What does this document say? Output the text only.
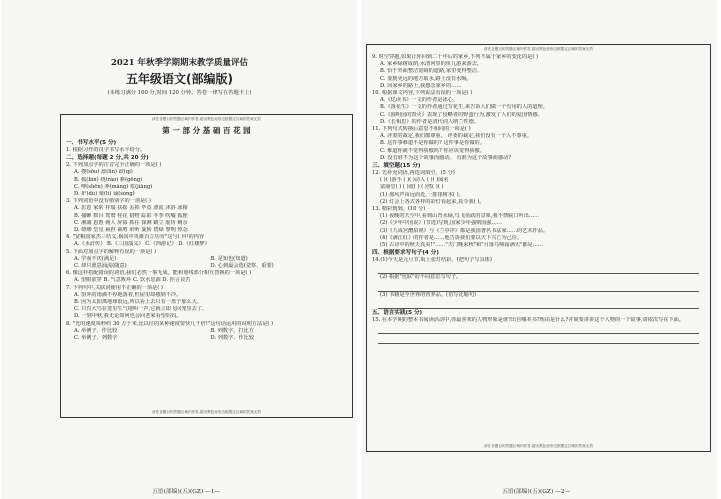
2021 年秋季学期期末教学质量评估
五年级语文(部编版)
(本练习满分 100 分,时间 120 分钟。答卷一律写在答题卡上)
请在各题目的答题区域内作答,超出黑色矩形边框限定区域的答案无效
第 一 部 分 基 础 百 花 园
一、书写水平(5 分)
1. 根据习作的汉字书写水平给分。
二、选择题(每题 2 分,共 20 分)
2. 下列加点字的注音完全正确的一项是( )
A. 搜(sōu) 凛(lǐn) 歧(qí)
B. 鬓(bìn) 绕(rào) 耕(gēng)
C. 呻(shēn) 莽(mǎng) 浆(jiāng)
D. 妒(dù) 栗(lì) 诵(sòng)
3. 下列词语中没有错别字的一项是( )
A. 思恩 家常 祥瑞 扶摇 丢掉 毕竟 漂流 沐浴 冰箱
B. 捕蝉 数目 鸳鸯 桂花 猎物 踪影 冬季 吹嘘 狐狸
C. 淋漓 恩惠 佣人 屏幕 抓住 探测 鹤立 虚伪 剩余
D. 缥缈 堂皇 扁担 裁剪 聆听 旋转 碧绿 黎明 悼念
4. "宽粮国家杰三结义,祸国中英雄百立功劳"这与( )中的内容
A.《水浒传》 B.《三国演义》 C.《西游记》 D.《红楼梦》
5. 下面对加点字的解释有误的一项是( )
A. 学而不厌(满足)	B. 是知也(知道)
C. 却只愿意涌流(随意)	D. 心到最会选(觉察、重要)
6. 像这样搭配错误的词语,我们必然一事无成。能和划线部分相互替换的一项是( )
A. 望眼欲穿 B. 气急败坏 C. 饮水思源 D. 拒言良苦
7. 下列句中,关联词使用不正确的一项是( )
A. 窗外的雨滴不停地落着,但屋里却感到不冷。
B. 因为太阳离地球很远,所以看上去只有一盘子那么大。
C. 只有大鸟在笼里生气地叫一声,它就立即飞回笼里去了。
D. 一到中秋,我无论如何也会回老家看望妈妈。
8. "光的速度每秒约 30 万千米,比以往的某种速度要快几千倍!"这句话运用的说明方法是( )
A. 举例子、作比较	B. 列数字、打比方
C. 举例子、列数字	D. 列数字、作比较
请在各题目的答题区域内作答,超出黑色矩形边框限定区域的答案无效
五语(部编)(五)(GZ) —1—
请在各题目的答题区域内作答,超出黑色矩形边框限定区域的答案无效
9. 时空穿越,如果让你回到二十年后的家乡,下列不属于家乡的变化的是( )
A. 家乡绿树成荫,水清河里的鱼儿游来游去。
B. 恰于外面整洁宽阔的道路,家里变得整洁。
C. 要到更远的地方取水,路上没有水喝。
D. 回家乡的路上,我想念家乡的……
10. 根据课文内容,下列说法有误的一项是( )
A.《忆读书》一文的作者是冰心。
B.《落花生》一文的作者通过写花生,来告诉人们做一个有用的人的道理。
C.《圆明园的毁灭》表现了侵略者的野蛮行为,激发了人们的爱国情感。
D.《长相思》的作者是清代词人纳兰性德。
11. 下列句式转换后意思不相同的一项是( )
A. 评委的裁定,我们都尊重。 评委的裁定,我们没有一个人不尊重。
B. 这件事难道不是你做的? 这件事是你做的。
C. 难道你就不觉得骄傲吗? 你应该觉得骄傲。
D. 没有谁不为这个故事而感动。 有谁为这个故事而感动?
三、填空题(15 分)
12. 先补充词语,再选词填空。(5 分)
( )( )游手 ( )( )动人 ( )( )闻名
富丽堂( ) ( )废( ) ( )然( )( )
(1) 那风声由远而近,一排排树木( )。
(2) 灯会上各式各样的彩灯看起来,真令我( )。
13. 精彩到到。(10 分)
(1) 夜晚的天空中,看到山青水绿,鸟飞鱼跃的景象,我不禁脱口吟出……
(2)《少年中国说》(节选)写到,国家少年强则国强……
(3)《九成宫醴泉铭》与《兰亭序》都是我国著名书法家……的艺术作品。
(4)《满江红》的作者是……他告诉我们要以天下兴亡为己任。
(5) 古诗中的秋天真美!"……"天门晚来秋"和"月落乌啼霜满天"都是……
四、根据要求写句子(4 分)
14.(1)今天是元旦节,街上张灯结彩。(把句子写具体)
(2) 根据"包联"的不同意思写句子。
(3) 书籍是全世界的营养品。(仿写比喻句)
五、语言实践(5 分)
15. 在本学期的整本书阅读活动中,你最喜欢的人物形象是谁?出自哪本书?理由是什么?并简要讲讲这个人物的一个故事,请依次写在下面。
请在各题目的答题区域内作答,超出黑色矩形边框限定区域的答案无效
五语(部编)(五)(GZ) —2—
